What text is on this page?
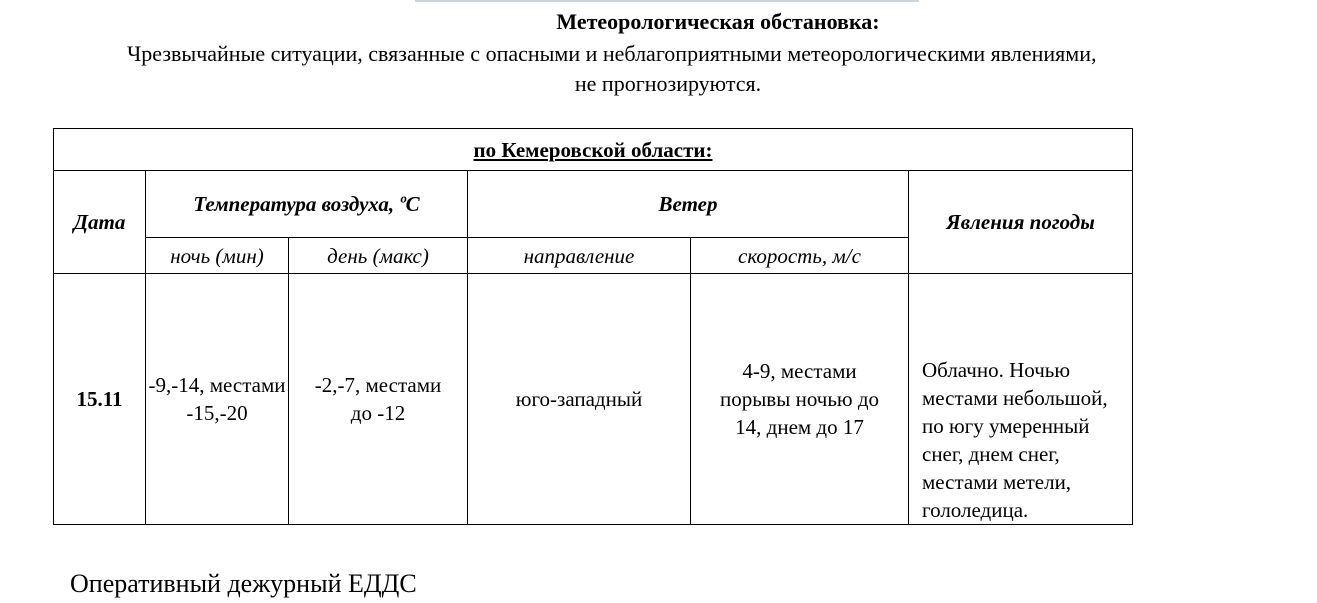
Метеорологическая обстановка:
Чрезвычайные ситуации, связанные с опасными и неблагоприятными метеорологическими явлениями,
не прогнозируются.
по Кемеровской области:					
Дата	Температура воздуха, ºС		Ветер		Явления погоды
	ночь (мин)	день (макс)	направление	скорость, м/с	
15.11	-9,-14, местами -15,-20	-2,-7, местами до -12	юго-западный	4-9, местами порывы ночью до 14, днем до 17	Облачно. Ночью местами небольшой, по югу умеренный снег, днем снег, местами метели, гололедица.
Оперативный дежурный ЕДДС
